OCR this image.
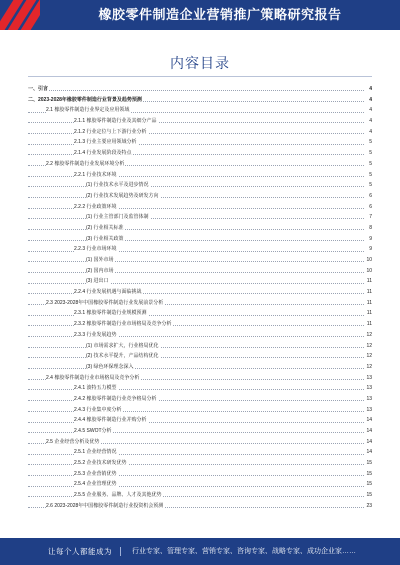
橡胶零件制造企业营销推广策略研究报告
内容目录
一、引言	4
二、2023-2028年橡胶零件制造行业背景及趋势预测	4
2.1 橡胶零件制造行业界定及应用领域	4
2.1.1 橡胶零件制造行业及其细分产品	4
2.1.2 行业定位与上下游行业分析	4
2.1.3 行业主要应用领域分析	5
2.1.4 行业发展阶段及特点	5
2.2 橡胶零件制造行业发展环境分析	5
2.2.1 行业技术环境	5
(1) 行业技术水平及进步情况	5
(2) 行业技术发展趋势及研发方向	6
2.2.2 行业政策环境	6
(1) 行业主管部门及监管体制	7
(2) 行业相关标准	8
(3) 行业相关政策	9
2.2.3 行业市场环境	9
(1) 国外市场	10
(2) 国内市场	10
(3) 进出口	11
2.2.4 行业发展机遇与面临挑战	11
2.3 2023-2028年中国橡胶零件制造行业发展前景分析	11
2.3.1 橡胶零件制造行业规模预测	11
2.3.2 橡胶零件制造行业市场格局及竞争分析	11
2.3.3 行业发展趋势	12
(1) 市场需求扩大，行业格局优化	12
(2) 技术水平提升，产品结构优化	12
(3) 绿色环保理念深入	12
2.4 橡胶零件制造行业市场格局及竞争分析	13
2.4.1 波特五力模型	13
2.4.2 橡胶零件制造行业竞争格局分析	13
2.4.3 行业集中度分析	13
2.4.4 橡胶零件制造行业并购分析	14
2.4.5 SWOT分析	14
2.5 企业经营分析及优势	14
2.5.1 企业经营情况	14
2.5.2 企业技术研发优势	15
2.5.3 企业营销优势	15
2.5.4 企业管理优势	15
2.5.5 企业服务、品牌、人才及其他优势	15
2.6 2023-2028年中国橡胶零件制造行业投资机会预测	23
让每个人都能成为	行业专家、管理专家、营销专家、咨询专家、战略专家、成功企业家……
